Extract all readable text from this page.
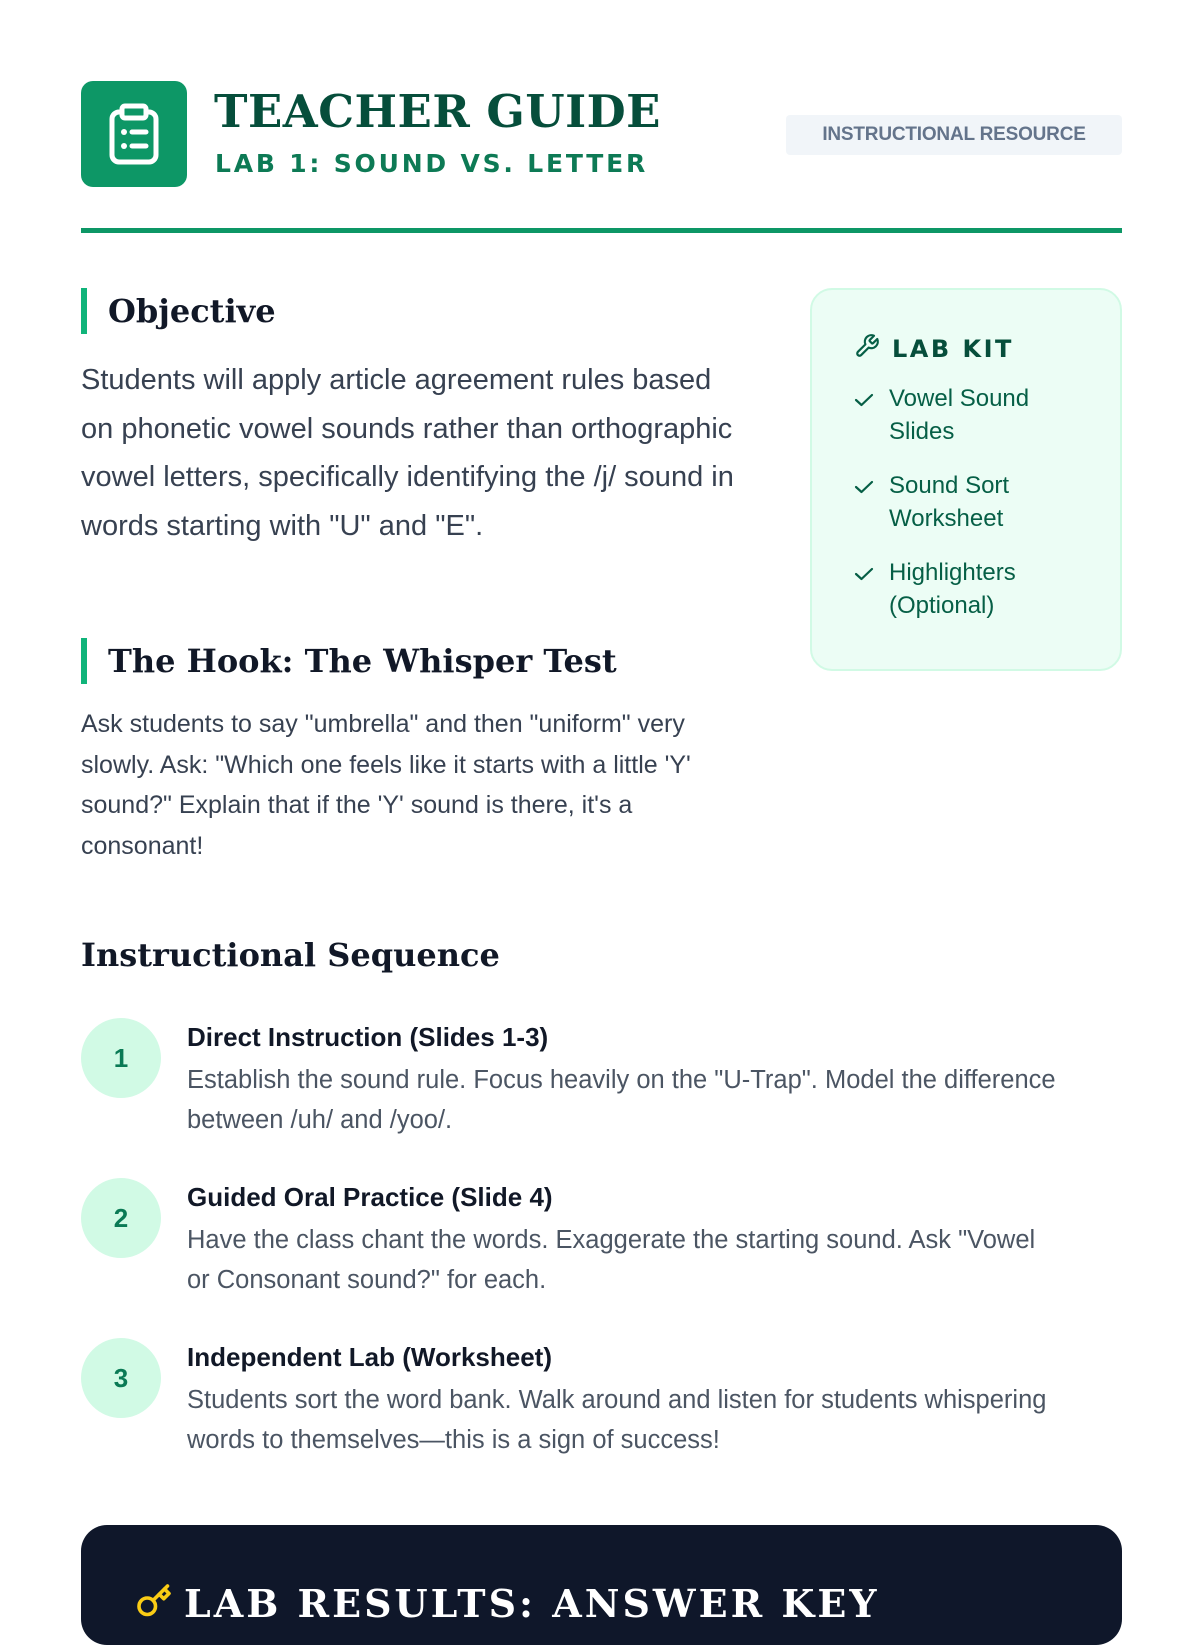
TEACHER GUIDE
LAB 1: SOUND VS. LETTER
INSTRUCTIONAL RESOURCE
Objective
Students will apply article agreement rules based on phonetic vowel sounds rather than orthographic vowel letters, specifically identifying the /j/ sound in words starting with "U" and "E".
The Hook: The Whisper Test
Ask students to say "umbrella" and then "uniform" very slowly. Ask: "Which one feels like it starts with a little 'Y' sound?" Explain that if the 'Y' sound is there, it's a consonant!
LAB KIT
Vowel Sound Slides
Sound Sort Worksheet
Highlighters (Optional)
Instructional Sequence
1
Direct Instruction (Slides 1-3)
Establish the sound rule. Focus heavily on the "U-Trap". Model the difference between /uh/ and /yoo/.
2
Guided Oral Practice (Slide 4)
Have the class chant the words. Exaggerate the starting sound. Ask "Vowel or Consonant sound?" for each.
3
Independent Lab (Worksheet)
Students sort the word bank. Walk around and listen for students whispering words to themselves—this is a sign of success!
LAB RESULTS: ANSWER KEY
